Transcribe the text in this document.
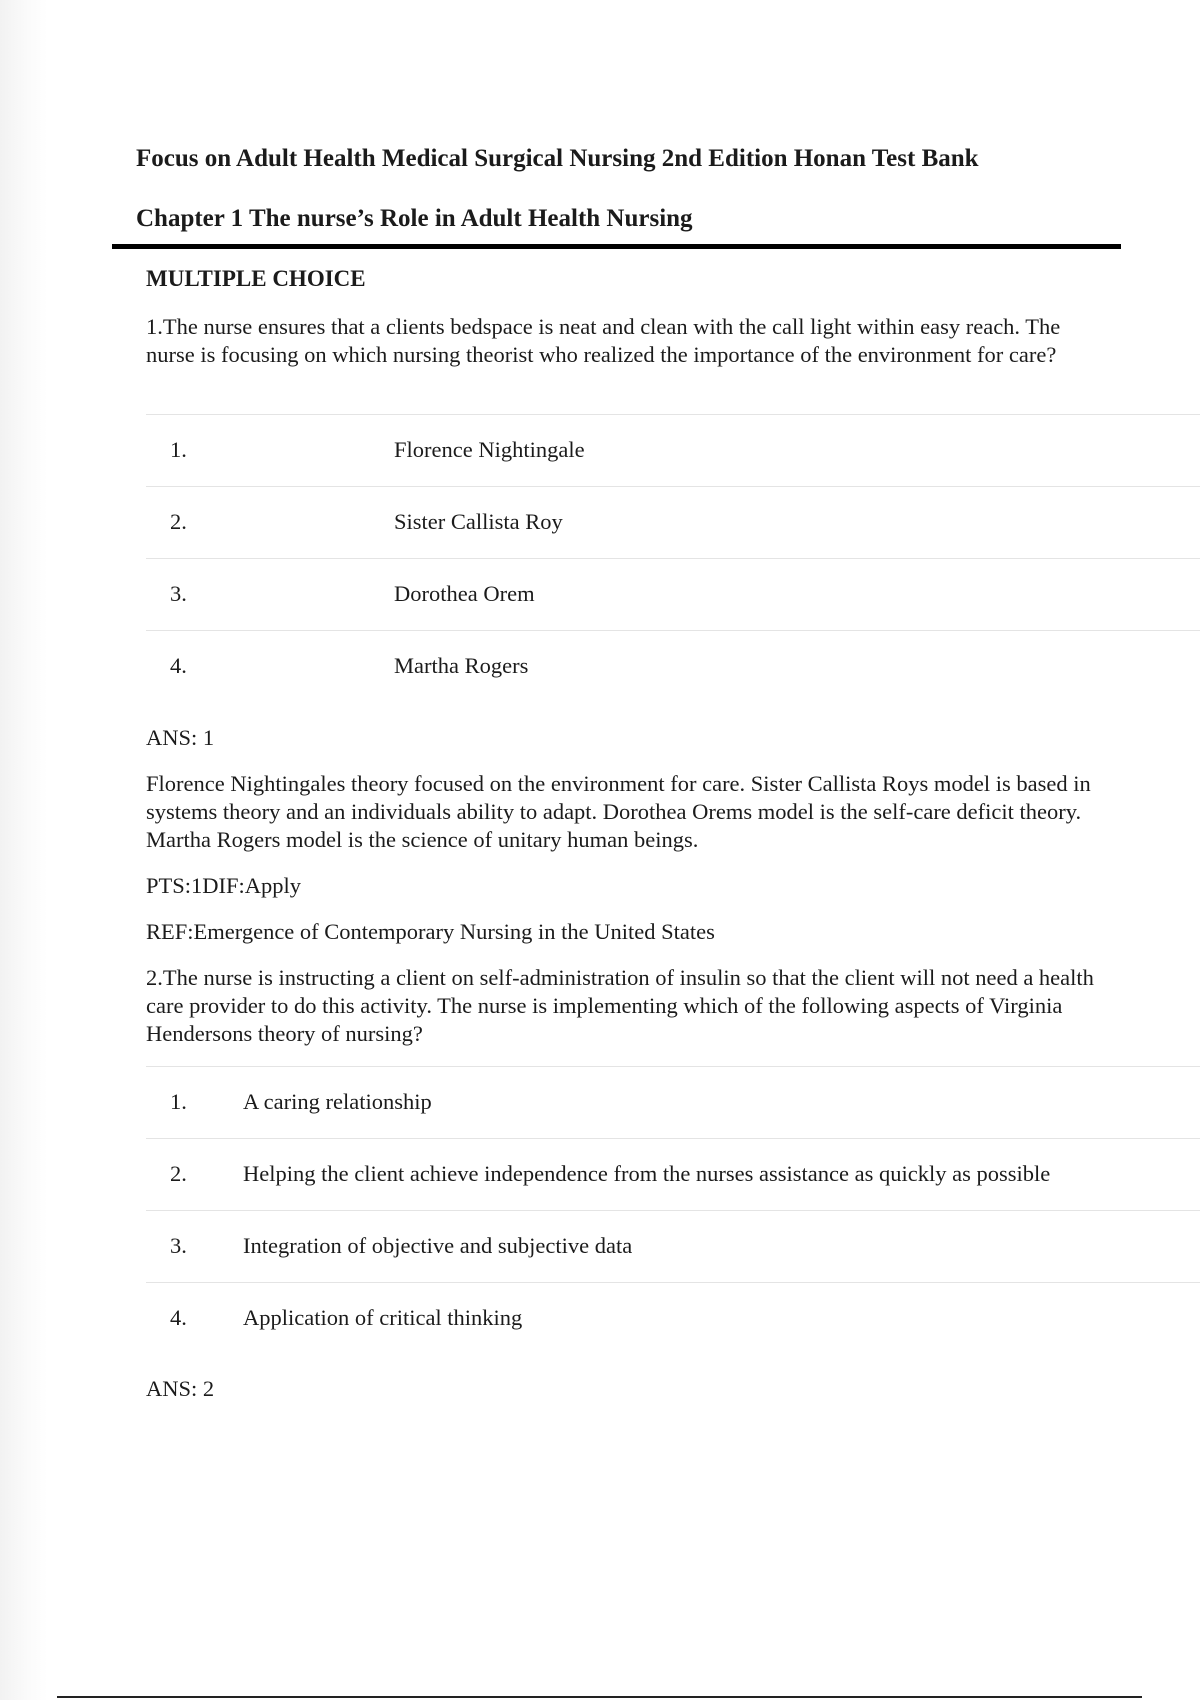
Focus on Adult Health Medical Surgical Nursing 2nd Edition Honan Test Bank
Chapter 1 The nurse’s Role in Adult Health Nursing
MULTIPLE CHOICE

1.The nurse ensures that a clients bedspace is neat and clean with the call light within easy reach. The nurse is focusing on which nursing theorist who realized the importance of the environment for care?

1.	Florence Nightingale
2.	Sister Callista Roy
3.	Dorothea Orem
4.	Martha Rogers

ANS: 1

Florence Nightingales theory focused on the environment for care. Sister Callista Roys model is based in systems theory and an individuals ability to adapt. Dorothea Orems model is the self-care deficit theory. Martha Rogers model is the science of unitary human beings.

PTS:1DIF:Apply

REF:Emergence of Contemporary Nursing in the United States

2.The nurse is instructing a client on self-administration of insulin so that the client will not need a health care provider to do this activity. The nurse is implementing which of the following aspects of Virginia Hendersons theory of nursing?

1. A caring relationship
2. Helping the client achieve independence from the nurses assistance as quickly as possible
3. Integration of objective and subjective data
4. Application of critical thinking

ANS: 2
